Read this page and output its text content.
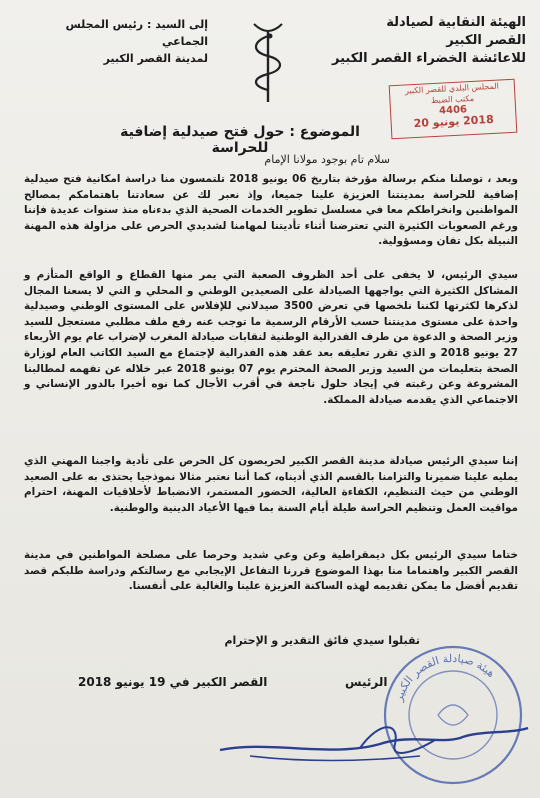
الهيئة النقابية لصيادلة
القصر الكبير
للاعائشة الخضراء القصر الكبير
إلى السيد : رئيس المجلس الجماعي
لمدينة القصر الكبير
المجلس البلدي للقصر الكبير
مكتب الضبط
4406
2018 يونيو 20
الموضوع : حول فتح صيدلية إضافية للحراسة
سلام تام بوجود مولانا الإمام
وبعد ، توصلنا منكم برسالة مؤرخة بتاريخ 06 يونيو 2018 تلتمسون منا دراسة امكانية فتح صيدلية إضافية للحراسة بمدينتنا العزيزة علينا جميعا، وإذ نعبر لك عن سعادتنا باهتمامكم بمصالح المواطنين وانخراطكم معا في مسلسل تطوير الخدمات الصحية الذي بدءناه منذ سنوات عديدة فإننا ورغم الصعوبات الكثيرة التي تعترضنا أثناء تأديتنا لمهامنا لشديدي الحرص على مزاولة هذه المهنة النبيلة بكل تفان ومسؤولية.
سيدي الرئيس، لا يخفى على أحد الظروف الصعبة التي يمر منها القطاع و الواقع المتأزم و المشاكل الكثيرة التي يواجهها الصيادلة على الصعيدين الوطني و المحلي و التي لا يسعنا المجال لذكرها لكثرتها لكننا نلخصها في تعرض 3500 صيدلاني للإفلاس على المستوى الوطني وصيدلية واحدة على مستوى مدينتنا حسب الأرقام الرسمية ما توجب عنه رفع ملف مطلبي مستعجل للسيد وزير الصحة و الدعوة من طرف الفدرالية الوطنية لنقابات صيادلة المغرب لإضراب عام يوم الأربعاء 27 يونيو 2018 و الذي تقرر تعليقه بعد عقد هذه الفدرالية لإجتماع مع السيد الكاتب العام لوزارة الصحة بتعليمات من السيد وزير الصحة المحترم يوم 07 يونيو 2018 عبر خلاله عن تفهمه لمطالبنا المشروعة وعن رغبته في إيجاد حلول ناجعة في أقرب الأجال كما نوه أخيرا بالدور الإنساني و الاجتماعي الذي يقدمه صيادلة المملكة.
إننا سيدي الرئيس صيادلة مدينة القصر الكبير لحريصون كل الحرص على تأدية واجبنا المهني الذي يمليه علينا ضميرنا والتزامنا بالقسم الذي أديناه، كما أننا نعتبر مثالا نموذجيا يحتذى به على الصعيد الوطني من حيث التنظيم، الكفاءة العالية، الحضور المستمر، الانضباط لأخلاقيات المهنة، احترام مواقيت العمل وتنظيم الحراسة طيلة أيام السنة بما فيها الأعياد الدينية والوطنية.
ختاما سيدي الرئيس بكل ديمقراطية وعن وعي شديد وحرصا على مصلحة المواطنين في مدينة القصر الكبير واهتماما منا بهذا الموضوع قررنا التفاعل الإيجابي مع رسالتكم ودراسة طلبكم قصد تقديم أفضل ما يمكن تقديمه لهذه الساكنة العزيزة علينا والغالية على أنفسنا.
تقبلوا سيدي فائق التقدير و الإحترام
الرئيس
القصر الكبير في 19 يونيو 2018
هيئة صيادلة القصر الكبير
